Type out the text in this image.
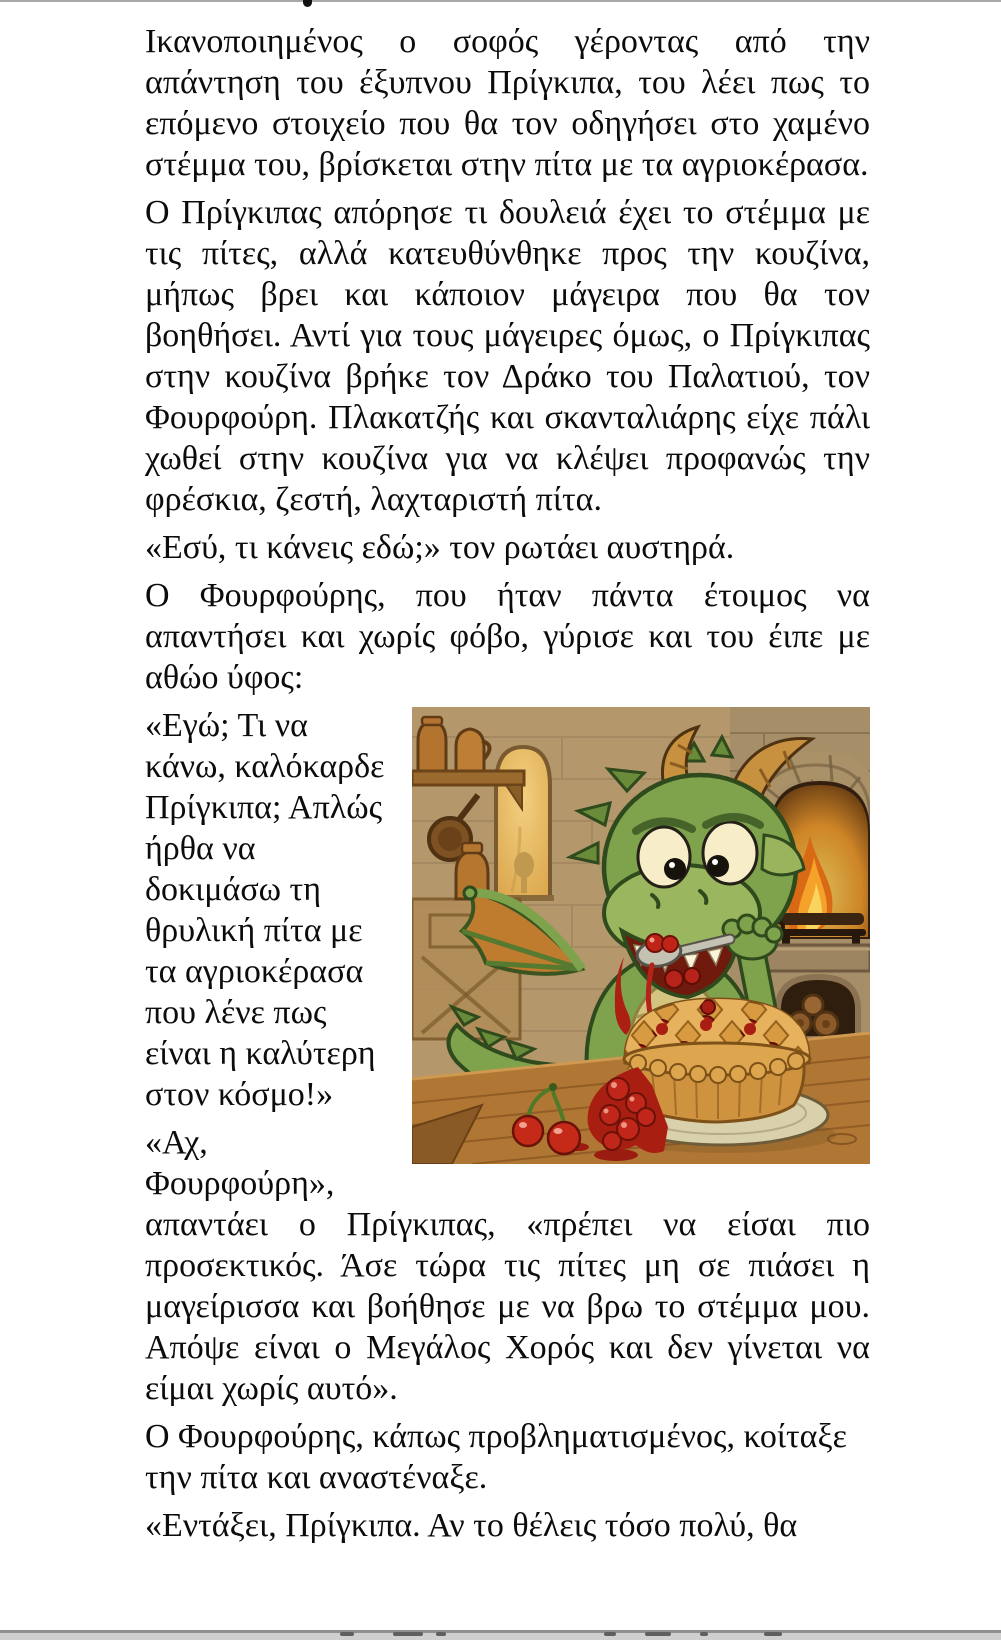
Ικανοποιημένος ο σοφός γέροντας από την απάντηση του έξυπνου Πρίγκιπα, του λέει πως το επόμενο στοιχείο που θα τον οδηγήσει στο χαμένο στέμμα του, βρίσκεται στην πίτα με τα αγριοκέρασα.

Ο Πρίγκιπας απόρησε τι δουλειά έχει το στέμμα με τις πίτες, αλλά κατευθύνθηκε προς την κουζίνα, μήπως βρει και κάποιον μάγειρα που θα τον βοηθήσει. Αντί για τους μάγειρες όμως, ο Πρίγκιπας στην κουζίνα βρήκε τον Δράκο του Παλατιού, τον Φουρφούρη. Πλακατζής και σκανταλιάρης είχε πάλι χωθεί στην κουζίνα για να κλέψει προφανώς την φρέσκια, ζεστή, λαχταριστή πίτα.

«Εσύ, τι κάνεις εδώ;» τον ρωτάει αυστηρά.

Ο Φουρφούρης, που ήταν πάντα έτοιμος να απαντήσει και χωρίς φόβο, γύρισε και του έιπε με αθώο ύφος:

«Εγώ; Τι να κάνω, καλόκαρδε Πρίγκιπα; Απλώς ήρθα να δοκιμάσω τη θρυλική πίτα με τα αγριοκέρασα που λένε πως είναι η καλύτερη στον κόσμο!»

«Αχ, Φουρφούρη», απαντάει ο Πρίγκιπας, «πρέπει να είσαι πιο προσεκτικός. Άσε τώρα τις πίτες μη σε πιάσει η μαγείρισσα και βοήθησε με να βρω το στέμμα μου. Απόψε είναι ο Μεγάλος Χορός και δεν γίνεται να είμαι χωρίς αυτό».

Ο Φουρφούρης, κάπως προβληματισμένος, κοίταξε την πίτα και αναστέναξε.

«Εντάξει, Πρίγκιπα. Αν το θέλεις τόσο πολύ, θα
